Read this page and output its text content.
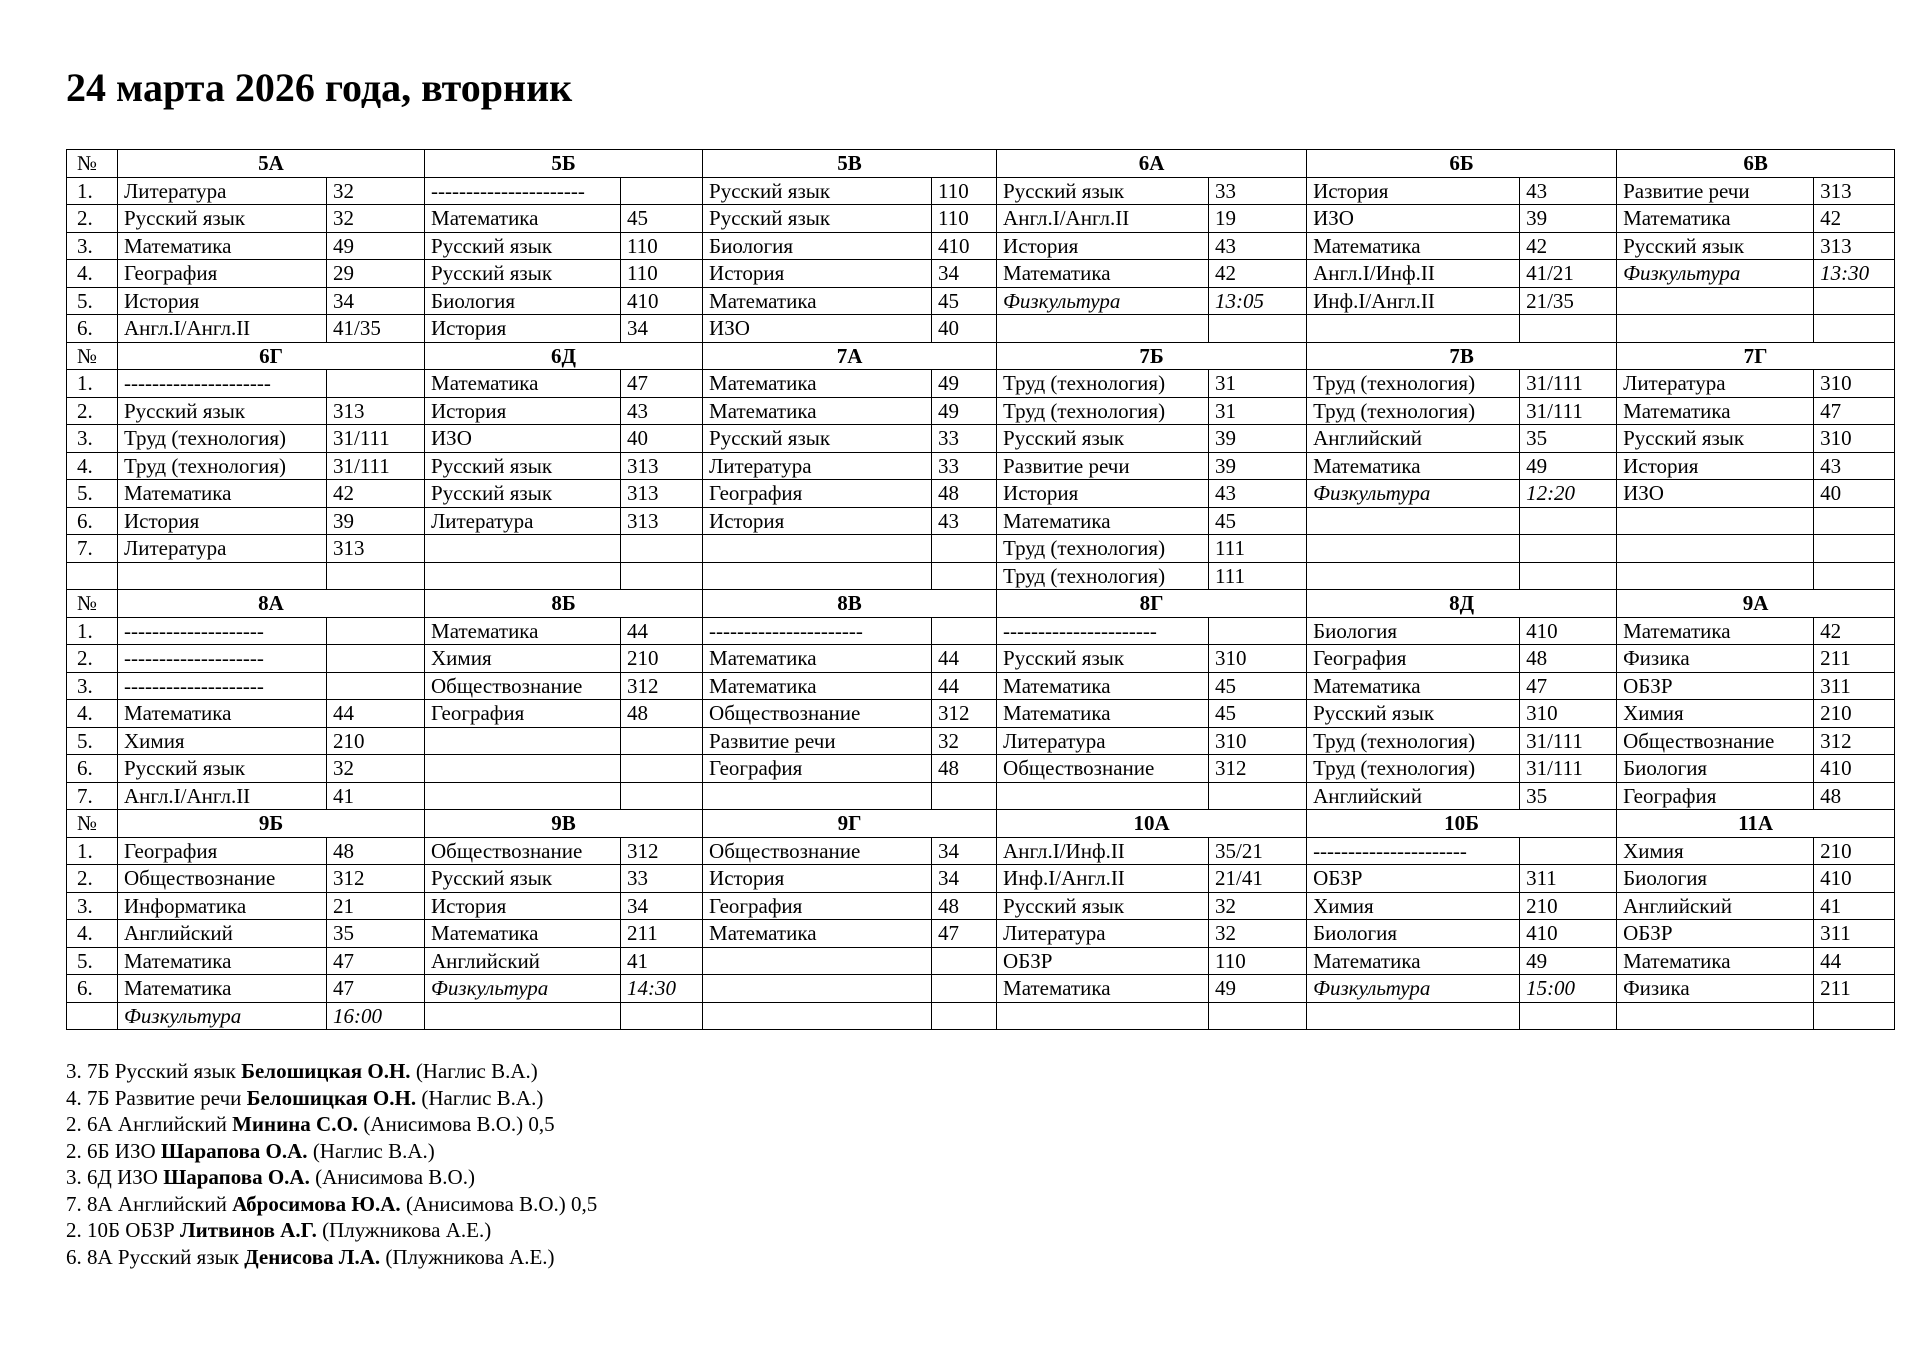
24 марта 2026 года, вторник
№	5А		5Б		5В		6А		6Б		6В	
1.	Литература	32	----------------------		Русский язык	110	Русский язык	33	История	43	Развитие речи	313
2.	Русский язык	32	Математика	45	Русский язык	110	Англ.I/Англ.II	19	ИЗО	39	Математика	42
3.	Математика	49	Русский язык	110	Биология	410	История	43	Математика	42	Русский язык	313
4.	География	29	Русский язык	110	История	34	Математика	42	Англ.I/Инф.II	41/21	Физкультура	13:30
5.	История	34	Биология	410	Математика	45	Физкультура	13:05	Инф.I/Англ.II	21/35		
6.	Англ.I/Англ.II	41/35	История	34	ИЗО	40						
№	6Г		6Д		7А		7Б		7В		7Г	
1.	---------------------		Математика	47	Математика	49	Труд (технология)	31	Труд (технология)	31/111	Литература	310
2.	Русский язык	313	История	43	Математика	49	Труд (технология)	31	Труд (технология)	31/111	Математика	47
3.	Труд (технология)	31/111	ИЗО	40	Русский язык	33	Русский язык	39	Английский	35	Русский язык	310
4.	Труд (технология)	31/111	Русский язык	313	Литература	33	Развитие речи	39	Математика	49	История	43
5.	Математика	42	Русский язык	313	География	48	История	43	Физкультура	12:20	ИЗО	40
6.	История	39	Литература	313	История	43	Математика	45				
7.	Литература	313					Труд (технология)	111				
							Труд (технология)	111				
№	8А		8Б		8В		8Г		8Д		9А	
1.	--------------------		Математика	44	----------------------		----------------------		Биология	410	Математика	42
2.	--------------------		Химия	210	Математика	44	Русский язык	310	География	48	Физика	211
3.	--------------------		Обществознание	312	Математика	44	Математика	45	Математика	47	ОБЗР	311
4.	Математика	44	География	48	Обществознание	312	Математика	45	Русский язык	310	Химия	210
5.	Химия	210			Развитие речи	32	Литература	310	Труд (технология)	31/111	Обществознание	312
6.	Русский язык	32			География	48	Обществознание	312	Труд (технология)	31/111	Биология	410
7.	Англ.I/Англ.II	41							Английский	35	География	48
№	9Б		9В		9Г		10А		10Б		11А	
1.	География	48	Обществознание	312	Обществознание	34	Англ.I/Инф.II	35/21	----------------------		Химия	210
2.	Обществознание	312	Русский язык	33	История	34	Инф.I/Англ.II	21/41	ОБЗР	311	Биология	410
3.	Информатика	21	История	34	География	48	Русский язык	32	Химия	210	Английский	41
4.	Английский	35	Математика	211	Математика	47	Литература	32	Биология	410	ОБЗР	311
5.	Математика	47	Английский	41			ОБЗР	110	Математика	49	Математика	44
6.	Математика	47	Физкультура	14:30			Математика	49	Физкультура	15:00	Физика	211
	Физкультура	16:00										
3. 7Б Русский язык Белошицкая О.Н. (Наглис В.А.)
4. 7Б Развитие речи Белошицкая О.Н. (Наглис В.А.)
2. 6А Английский Минина С.О. (Анисимова В.О.) 0,5
2. 6Б ИЗО Шарапова О.А. (Наглис В.А.)
3. 6Д ИЗО Шарапова О.А. (Анисимова В.О.)
7. 8А Английский Абросимова Ю.А. (Анисимова В.О.) 0,5
2. 10Б ОБЗР Литвинов А.Г. (Плужникова А.Е.)
6. 8А Русский язык Денисова Л.А. (Плужникова А.Е.)
